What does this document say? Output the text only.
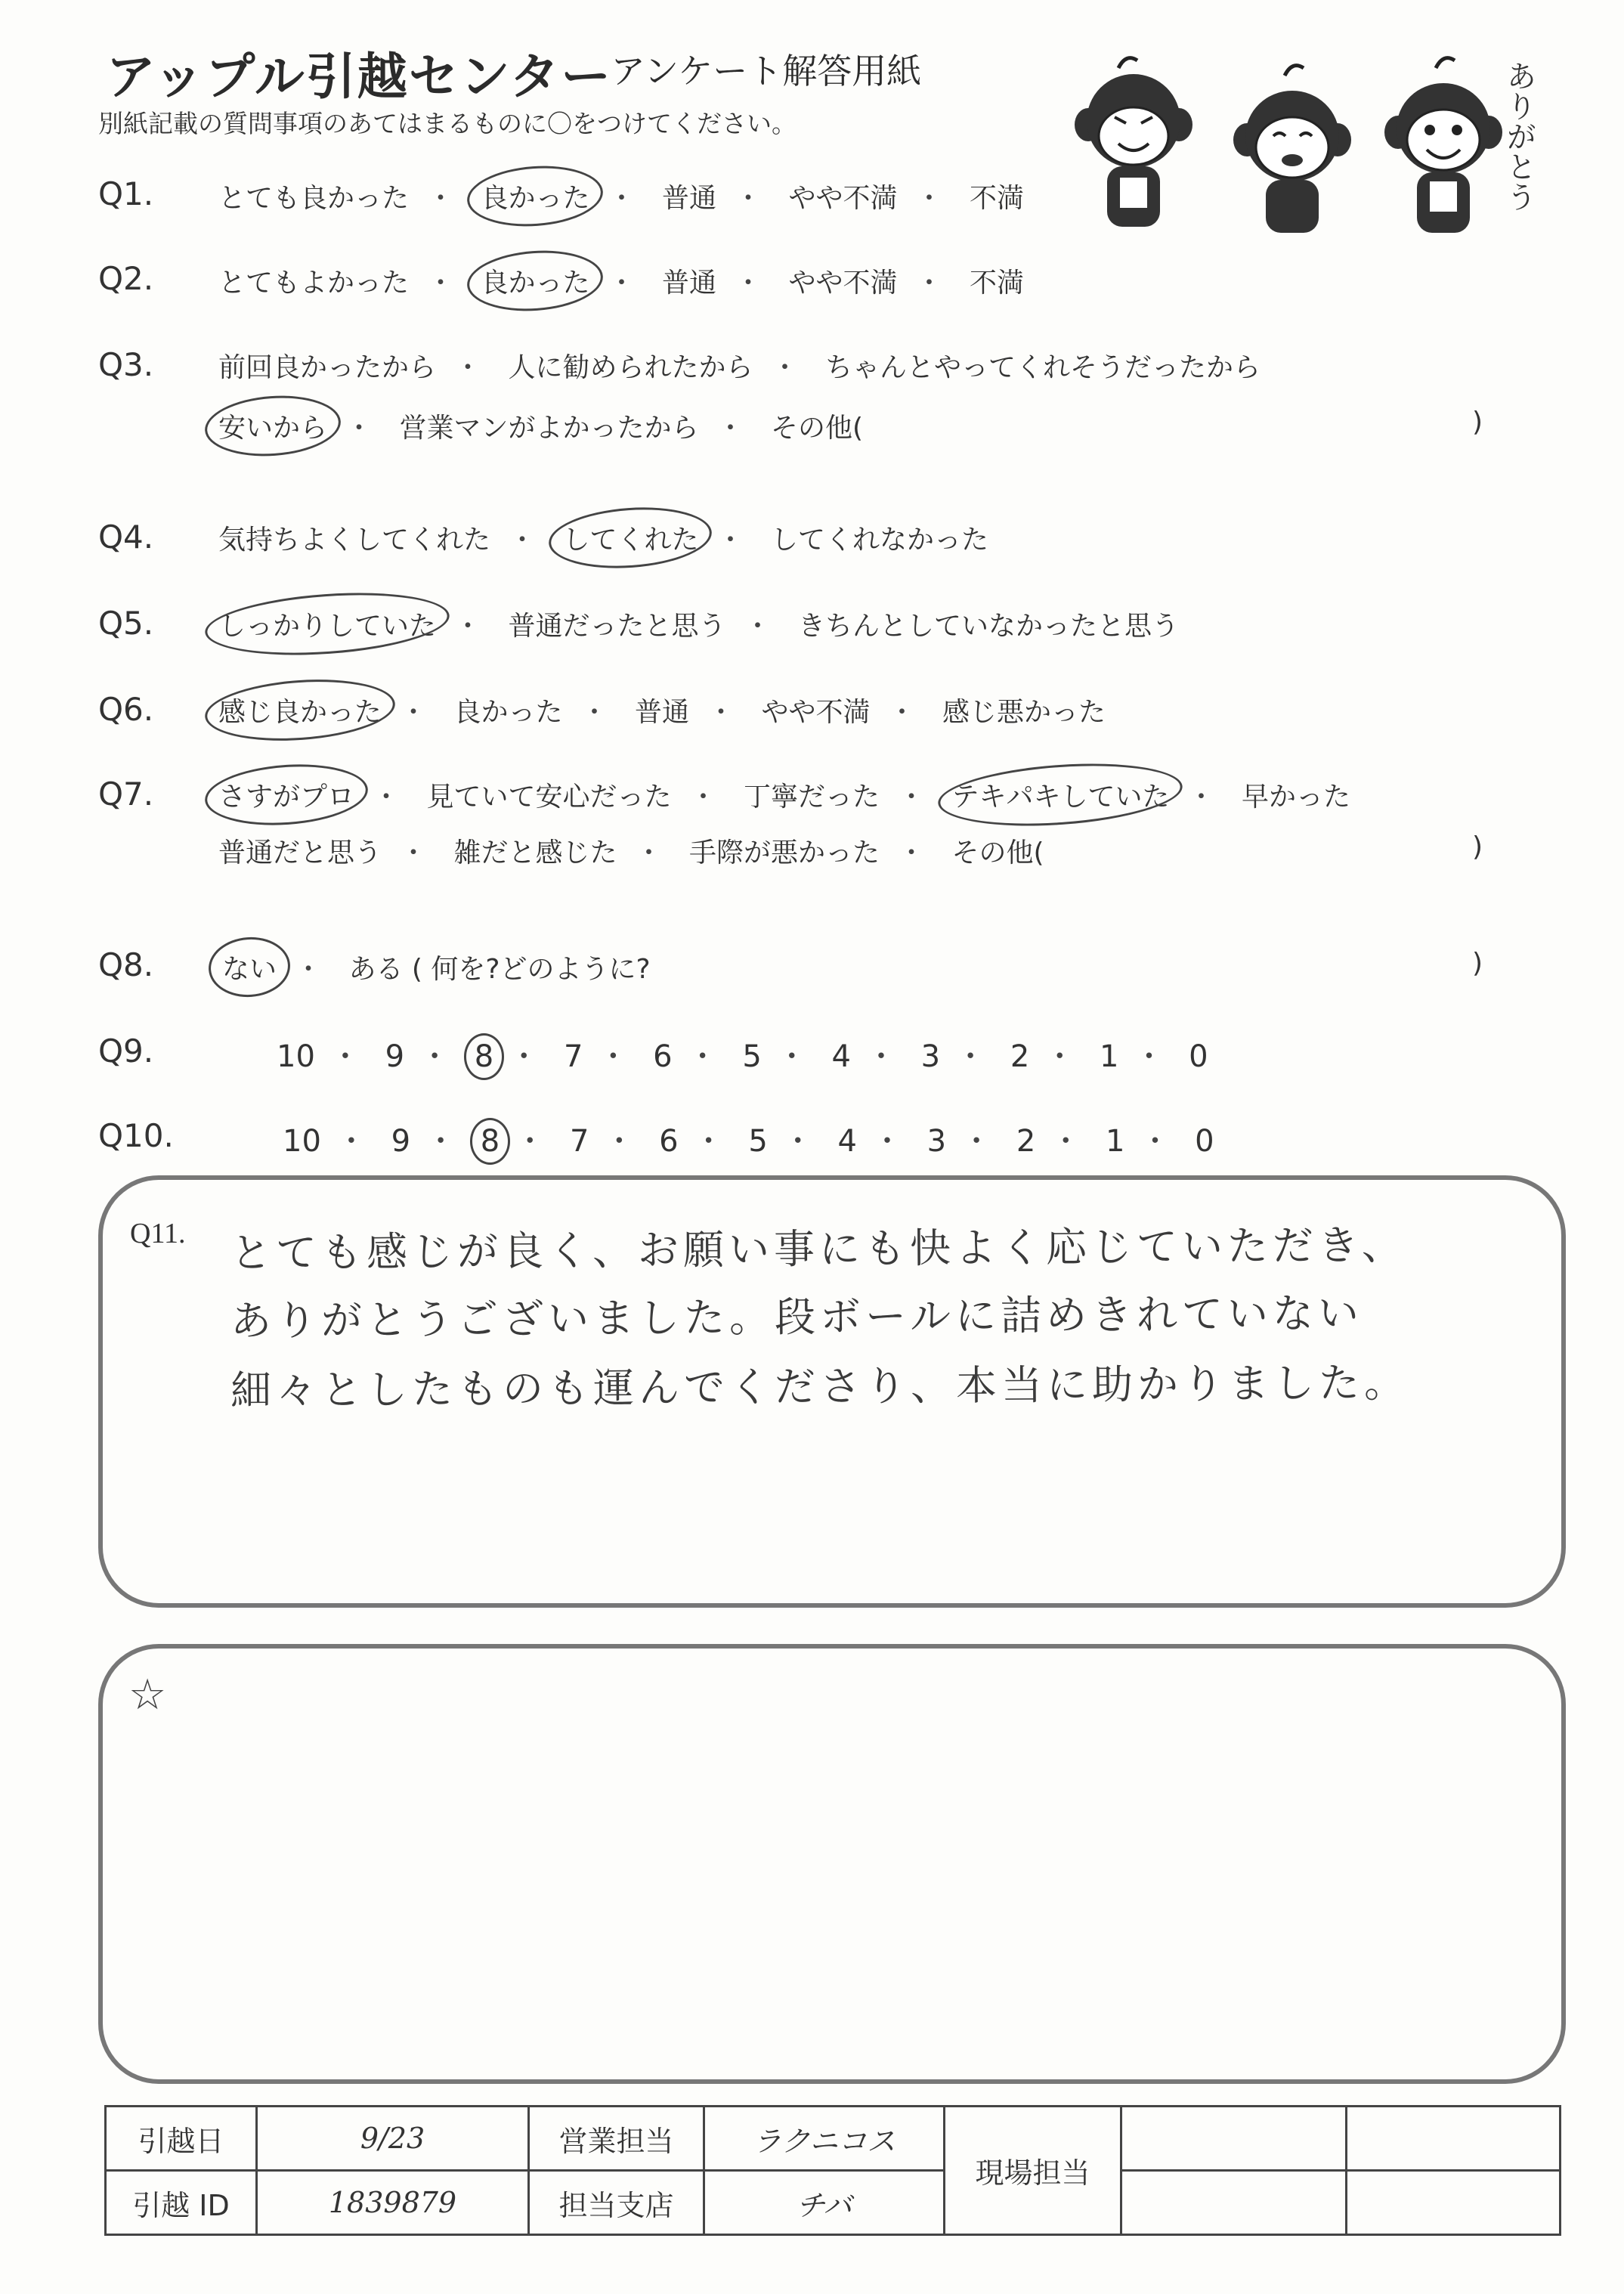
アップル引越センター
アンケート解答用紙
別紙記載の質問事項のあてはまるものに〇をつけてください。	ありがとう
Q1. とても良かった ・ 良かった ・ 普通 ・ やや不満 ・ 不満
Q2. とてもよかった ・ 良かった ・ 普通 ・ やや不満 ・ 不満
Q3. 前回良かったから ・ 人に勧められたから ・ ちゃんとやってくれそうだったから
安いから ・ 営業マンがよかったから ・ その他(	)
Q4. 気持ちよくしてくれた ・ してくれた ・ してくれなかった
Q5. しっかりしていた ・ 普通だったと思う ・ きちんとしていなかったと思う
Q6. 感じ良かった ・ 良かった ・ 普通 ・ やや不満 ・ 感じ悪かった
Q7. さすがプロ ・ 見ていて安心だった ・ 丁寧だった ・ テキパキしていた ・ 早かった
普通だと思う ・ 雑だと感じた ・ 手際が悪かった ・ その他(	)
Q8.	ない ・ ある ( 何を?どのように?	)
Q9.	10 ・ 9 ・ 8 ・ 7 ・ 6 ・ 5 ・ 4 ・ 3 ・ 2 ・ 1 ・ 0
Q10.	10 ・ 9 ・ 8 ・ 7 ・ 6 ・ 5 ・ 4 ・ 3 ・ 2 ・ 1 ・ 0
Q11. とても感じが良く、お願い事にも快よく応じていただき、
ありがとうございました。段ボールに詰めきれていない
細々としたものも運んでくださり、本当に助かりました。
☆
引越日	9/23	営業担当	ラクニコス	現場担当		
引越 ID	1839879	担当支店	チバ			
